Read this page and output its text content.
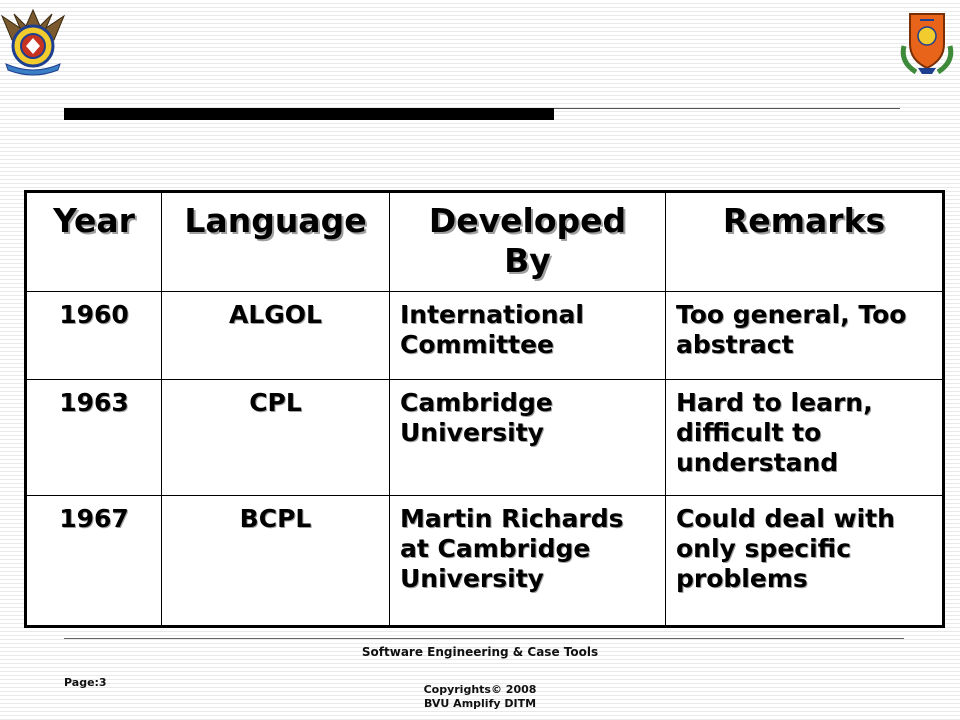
Year	Language	Developed By	Remarks
1960	ALGOL	International Committee	Too general, Too abstract
1963	CPL	Cambridge University	Hard to learn, difficult to understand
1967	BCPL	Martin Richards at Cambridge University	Could deal with only specific problems
Software Engineering & Case Tools
Page:3
Copyrights© 2008
BVU Amplify DITM
